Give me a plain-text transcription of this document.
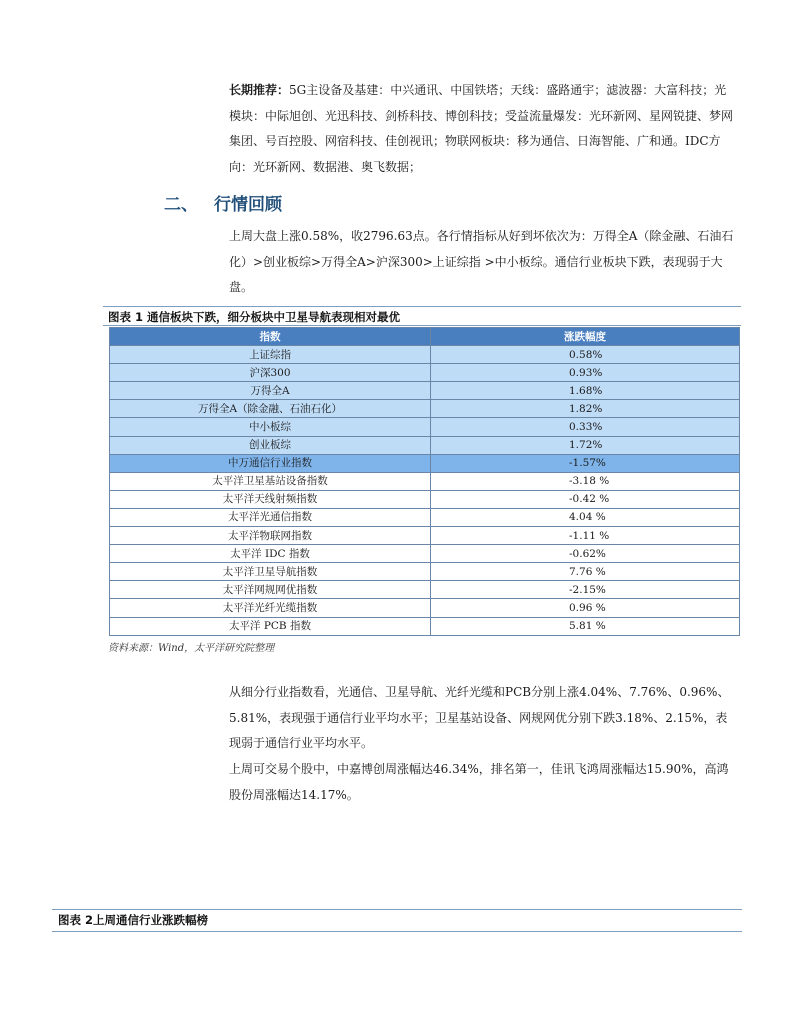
长期推荐：5G主设备及基建：中兴通讯、中国铁塔；天线：盛路通宇；滤波器：大富科技；光模块：中际旭创、光迅科技、剑桥科技、博创科技；受益流量爆发：光环新网、星网锐捷、梦网集团、号百控股、网宿科技、佳创视讯；物联网板块：移为通信、日海智能、广和通。IDC方向：光环新网、数据港、奥飞数据；

二、 行情回顾

上周大盘上涨0.58%，收2796.63点。各行情指标从好到坏依次为：万得全A（除金融、石油石化）>创业板综>万得全A>沪深300>上证综指 >中小板综。通信行业板块下跌，表现弱于大盘。

图表 1 通信板块下跌，细分板块中卫星导航表现相对最优
指数	涨跌幅度
上证综指	0.58%
沪深300	0.93%
万得全A	1.68%
万得全A（除金融、石油石化）	1.82%
中小板综	0.33%
创业板综	1.72%
中万通信行业指数	-1.57%
太平洋卫星基站设备指数	-3.18 %
太平洋天线射频指数	-0.42 %
太平洋光通信指数	4.04 %
太平洋物联网指数	-1.11 %
太平洋 IDC 指数	-0.62%
太平洋卫星导航指数	7.76 %
太平洋网规网优指数	-2.15%
太平洋光纤光缆指数	0.96 %
太平洋 PCB 指数	5.81 %
资料来源：Wind，太平洋研究院整理

从细分行业指数看，光通信、卫星导航、光纤光缆和PCB分别上涨4.04%、7.76%、0.96%、5.81%，表现强于通信行业平均水平；卫星基站设备、网规网优分别下跌3.18%、2.15%，表现弱于通信行业平均水平。

上周可交易个股中，中嘉博创周涨幅达46.34%，排名第一，佳讯飞鸿周涨幅达15.90%，高鸿股份周涨幅达14.17%。

图表 2上周通信行业涨跌幅榜
